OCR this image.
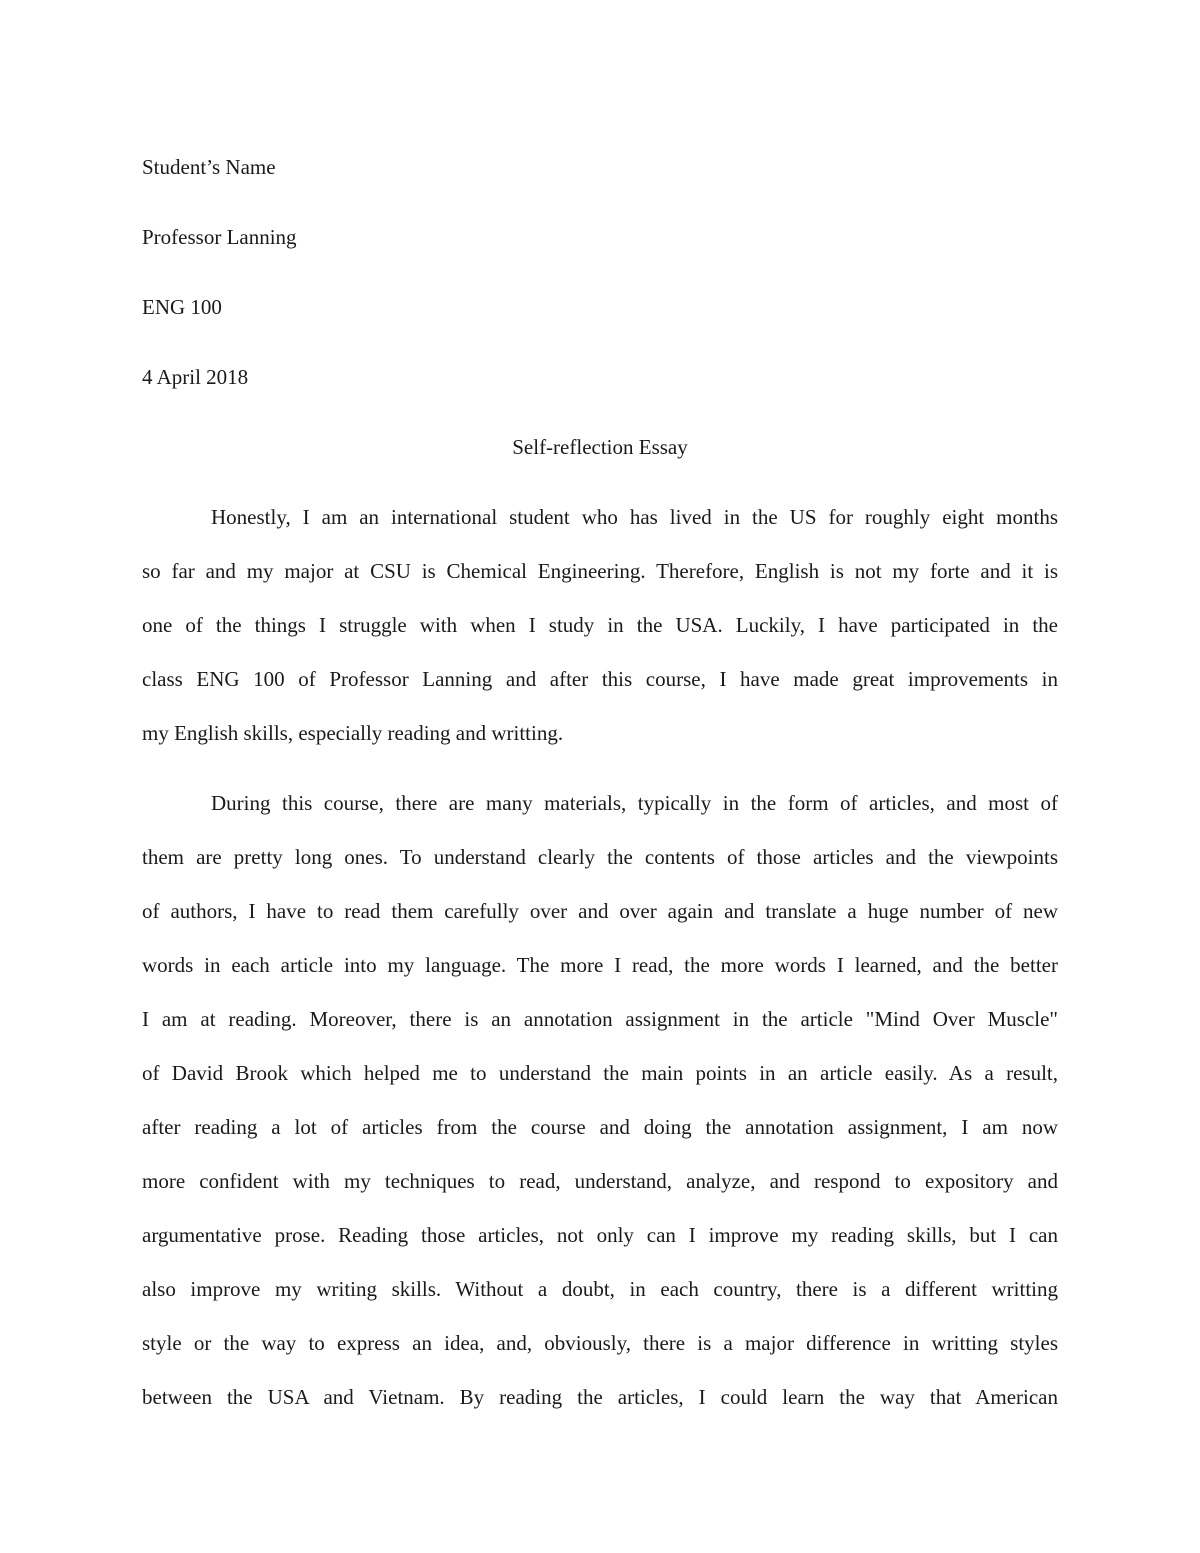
Student’s Name
Professor Lanning
ENG 100
4 April 2018
Self-reflection Essay
Honestly, I am an international student who has lived in the US for roughly eight months
so far and my major at CSU is Chemical Engineering. Therefore, English is not my forte and it is
one of the things I struggle with when I study in the USA. Luckily, I have participated in the
class ENG 100 of Professor Lanning and after this course, I have made great improvements in
my English skills, especially reading and writting.
During this course, there are many materials, typically in the form of articles, and most of
them are pretty long ones. To understand clearly the contents of those articles and the viewpoints
of authors, I have to read them carefully over and over again and translate a huge number of new
words in each article into my language. The more I read, the more words I learned, and the better
I am at reading. Moreover, there is an annotation assignment in the article "Mind Over Muscle"
of David Brook which helped me to understand the main points in an article easily. As a result,
after reading a lot of articles from the course and doing the annotation assignment, I am now
more confident with my techniques to read, understand, analyze, and respond to expository and
argumentative prose. Reading those articles, not only can I improve my reading skills, but I can
also improve my writing skills. Without a doubt, in each country, there is a different writting
style or the way to express an idea, and, obviously, there is a major difference in writting styles
between the USA and Vietnam. By reading the articles, I could learn the way that American
